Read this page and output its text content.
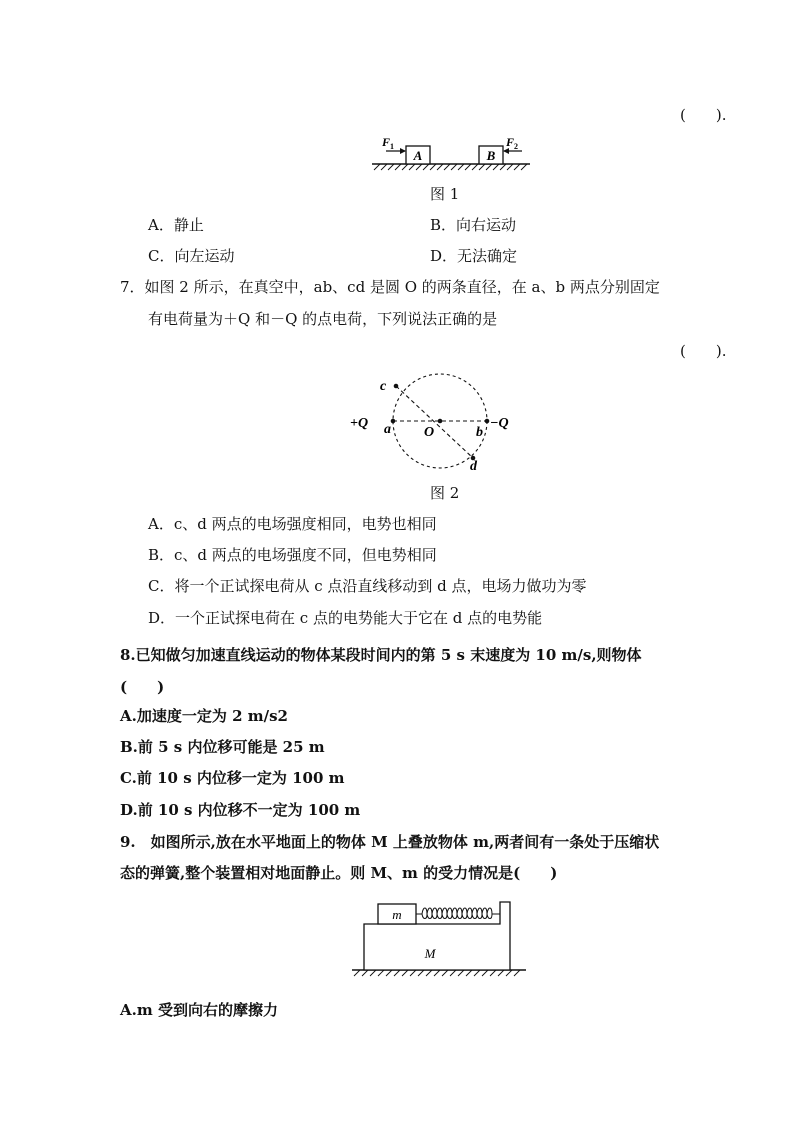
(　　).
A	B
F 1	F 2
图 1
A．静止	B．向右运动
C．向左运动	D．无法确定
7．如图 2 所示，在真空中，ab、cd 是圆 O 的两条直径，在 a、b 两点分别固定
有电荷量为＋Q 和－Q 的点电荷，下列说法正确的是
(　　).
c
+Q a O	b
−Q
d
图 2
A．c、d 两点的电场强度相同，电势也相同
B．c、d 两点的电场强度不同，但电势相同
C．将一个正试探电荷从 c 点沿直线移动到 d 点，电场力做功为零
D．一个正试探电荷在 c 点的电势能大于它在 d 点的电势能
8.已知做匀加速直线运动的物体某段时间内的第 5 s 末速度为 10 m/s,则物体
(　　)
A.加速度一定为 2 m/s2
B.前 5 s 内位移可能是 25 m
C.前 10 s 内位移一定为 100 m
D.前 10 s 内位移不一定为 100 m
9.　如图所示,放在水平地面上的物体 M 上叠放物体 m,两者间有一条处于压缩状
态的弹簧,整个装置相对地面静止。则 M、m 的受力情况是(　　)
M
m
A.m 受到向右的摩擦力
